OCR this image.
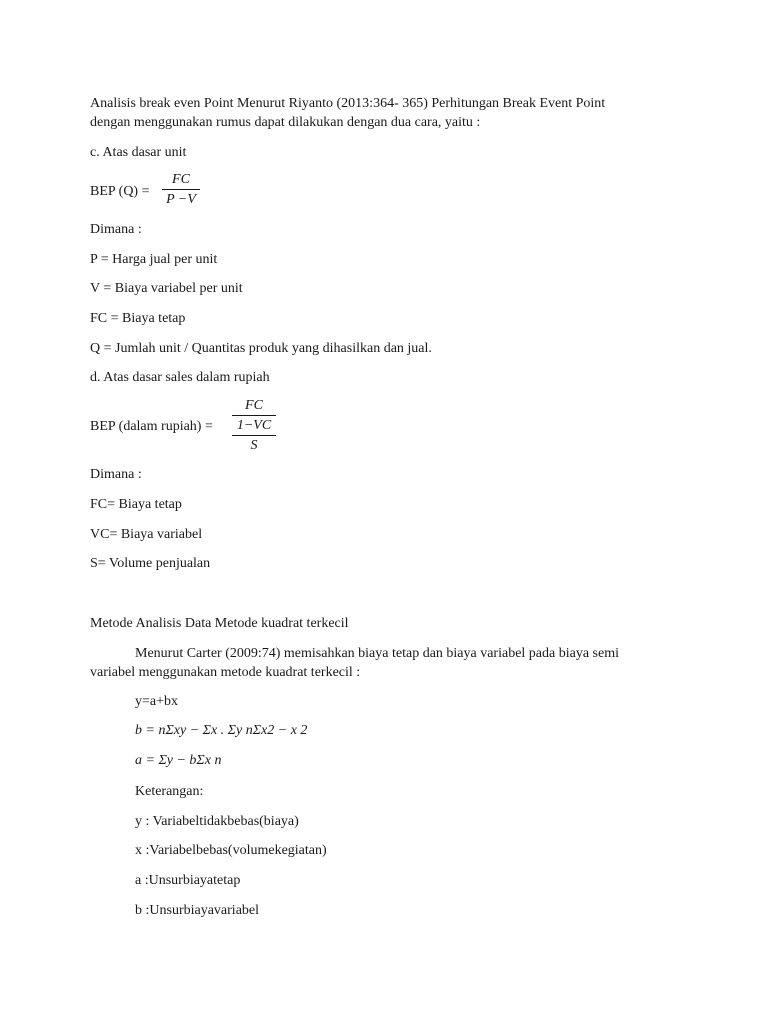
Analisis break even Point Menurut Riyanto (2013:364- 365) Perhitungan Break Event Point

dengan menggunakan rumus dapat dilakukan dengan dua cara, yaitu :

c. Atas dasar unit

BEP (Q) =

FC
P −V

Dimana :

P = Harga jual per unit

V = Biaya variabel per unit

FC = Biaya tetap

Q = Jumlah unit / Quantitas produk yang dihasilkan dan jual.

d. Atas dasar sales dalam rupiah

BEP (dalam rupiah) =

FC
1−VC
S

Dimana :

FC= Biaya tetap

VC= Biaya variabel

S= Volume penjualan

Metode Analisis Data Metode kuadrat terkecil

Menurut Carter (2009:74) memisahkan biaya tetap dan biaya variabel pada biaya semi

variabel menggunakan metode kuadrat terkecil :

y=a+bx

b = nΣxy − Σx . Σy nΣx2 − x 2

a = Σy − bΣx n

Keterangan:

y : Variabeltidakbebas(biaya)

x :Variabelbebas(volumekegiatan)

a :Unsurbiayatetap

b :Unsurbiayavariabel
